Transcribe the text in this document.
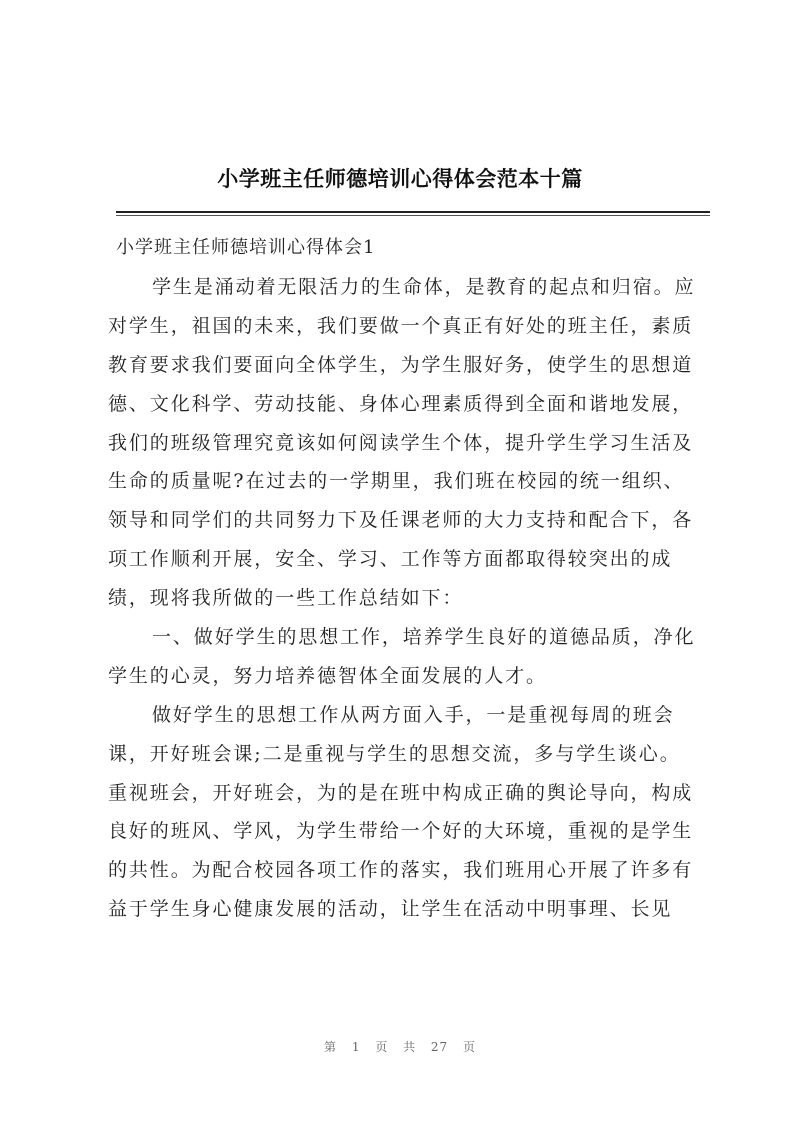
小学班主任师德培训心得体会范本十篇
小学班主任师德培训心得体会1
学生是涌动着无限活力的生命体，是教育的起点和归宿。应
对学生，祖国的未来，我们要做一个真正有好处的班主任，素质
教育要求我们要面向全体学生，为学生服好务，使学生的思想道
德、文化科学、劳动技能、身体心理素质得到全面和谐地发展，
我们的班级管理究竟该如何阅读学生个体，提升学生学习生活及
生命的质量呢?在过去的一学期里，我们班在校园的统一组织、
领导和同学们的共同努力下及任课老师的大力支持和配合下，各
项工作顺利开展，安全、学习、工作等方面都取得较突出的成
绩，现将我所做的一些工作总结如下：
一、做好学生的思想工作，培养学生良好的道德品质，净化
学生的心灵，努力培养德智体全面发展的人才。
做好学生的思想工作从两方面入手，一是重视每周的班会
课，开好班会课;二是重视与学生的思想交流，多与学生谈心。
重视班会，开好班会，为的是在班中构成正确的舆论导向，构成
良好的班风、学风，为学生带给一个好的大环境，重视的是学生
的共性。为配合校园各项工作的落实，我们班用心开展了许多有
益于学生身心健康发展的活动，让学生在活动中明事理、长见
第 1 页 共 27 页
